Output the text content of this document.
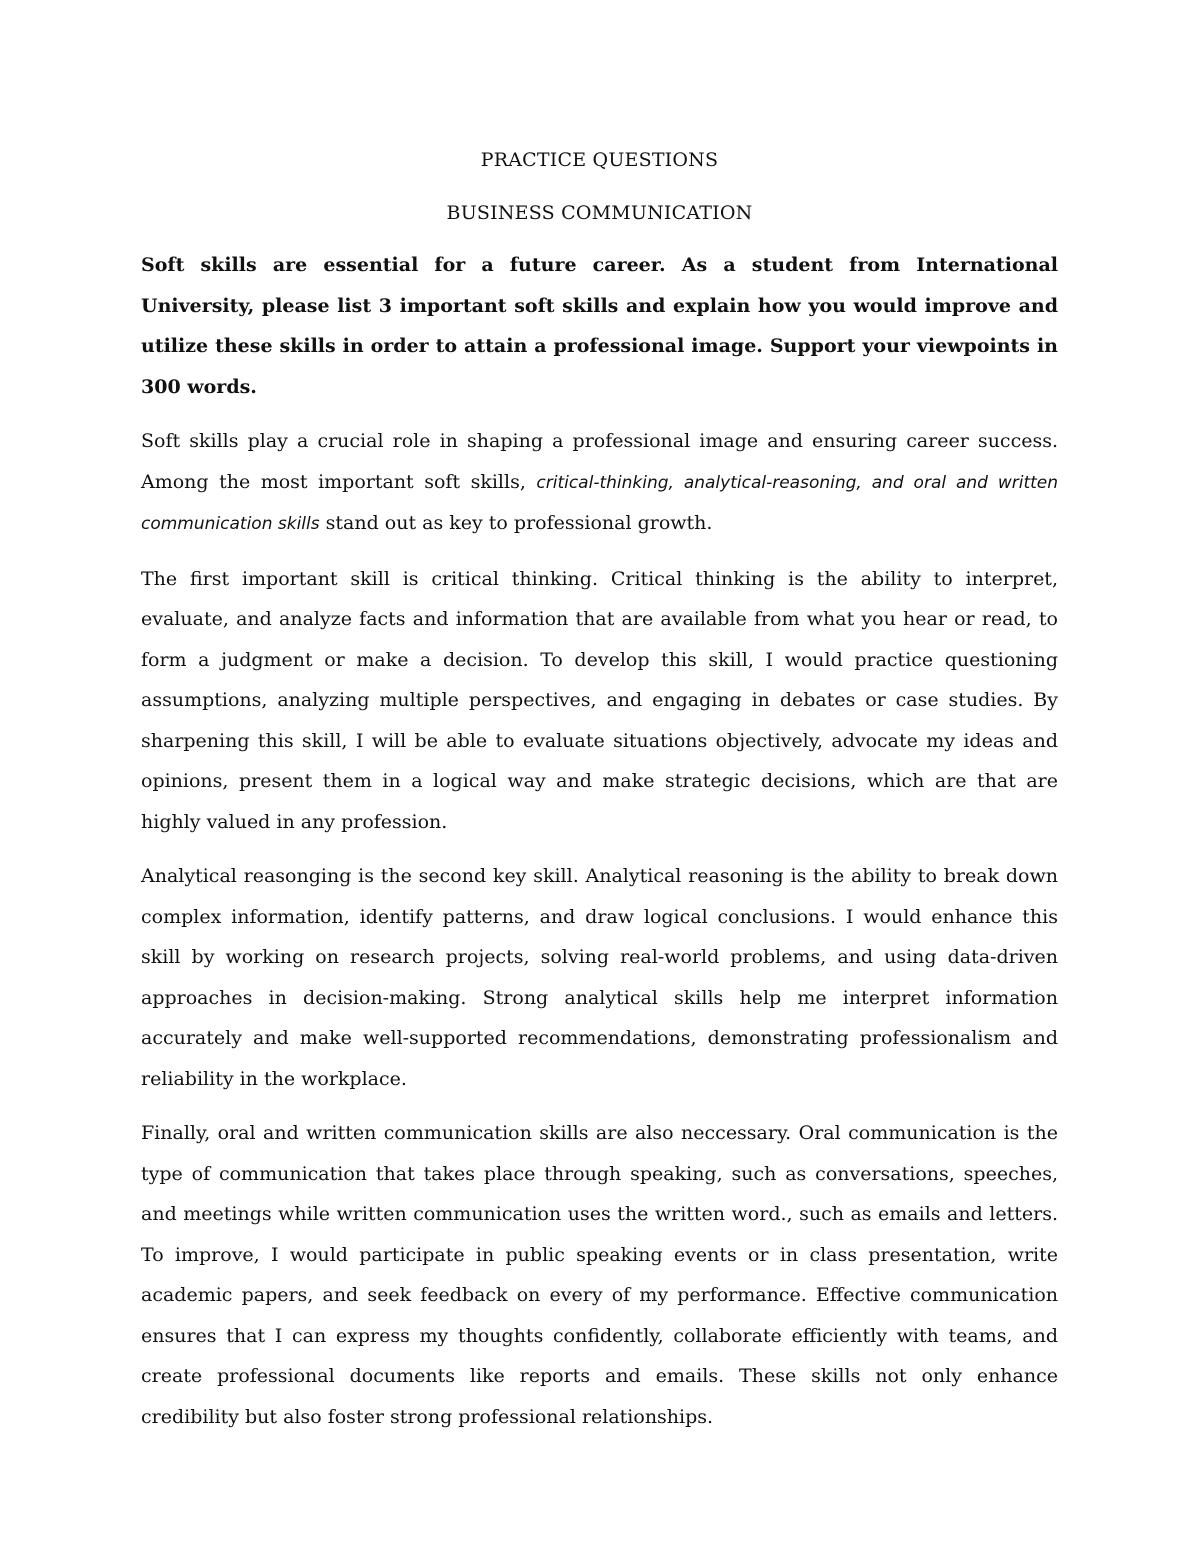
PRACTICE QUESTIONS

BUSINESS COMMUNICATION

Soft skills are essential for a future career. As a student from International University, please list 3 important soft skills and explain how you would improve and utilize these skills in order to attain a professional image. Support your viewpoints in 300 words.

Soft skills play a crucial role in shaping a professional image and ensuring career success. Among the most important soft skills, critical-thinking, analytical-reasoning, and oral and written communication skills stand out as key to professional growth.

The first important skill is critical thinking. Critical thinking is the ability to interpret, evaluate, and analyze facts and information that are available from what you hear or read, to form a judgment or make a decision. To develop this skill, I would practice questioning assumptions, analyzing multiple perspectives, and engaging in debates or case studies. By sharpening this skill, I will be able to evaluate situations objectively, advocate my ideas and opinions, present them in a logical way and make strategic decisions, which are that are highly valued in any profession.

Analytical reasonging is the second key skill. Analytical reasoning is the ability to break down complex information, identify patterns, and draw logical conclusions. I would enhance this skill by working on research projects, solving real-world problems, and using data-driven approaches in decision-making. Strong analytical skills help me interpret information accurately and make well-supported recommendations, demonstrating professionalism and reliability in the workplace.

Finally, oral and written communication skills are also neccessary. Oral communication is the type of communication that takes place through speaking, such as conversations, speeches, and meetings while written communication uses the written word., such as emails and letters. To improve, I would participate in public speaking events or in class presentation, write academic papers, and seek feedback on every of my performance. Effective communication ensures that I can express my thoughts confidently, collaborate efficiently with teams, and create professional documents like reports and emails. These skills not only enhance credibility but also foster strong professional relationships.
